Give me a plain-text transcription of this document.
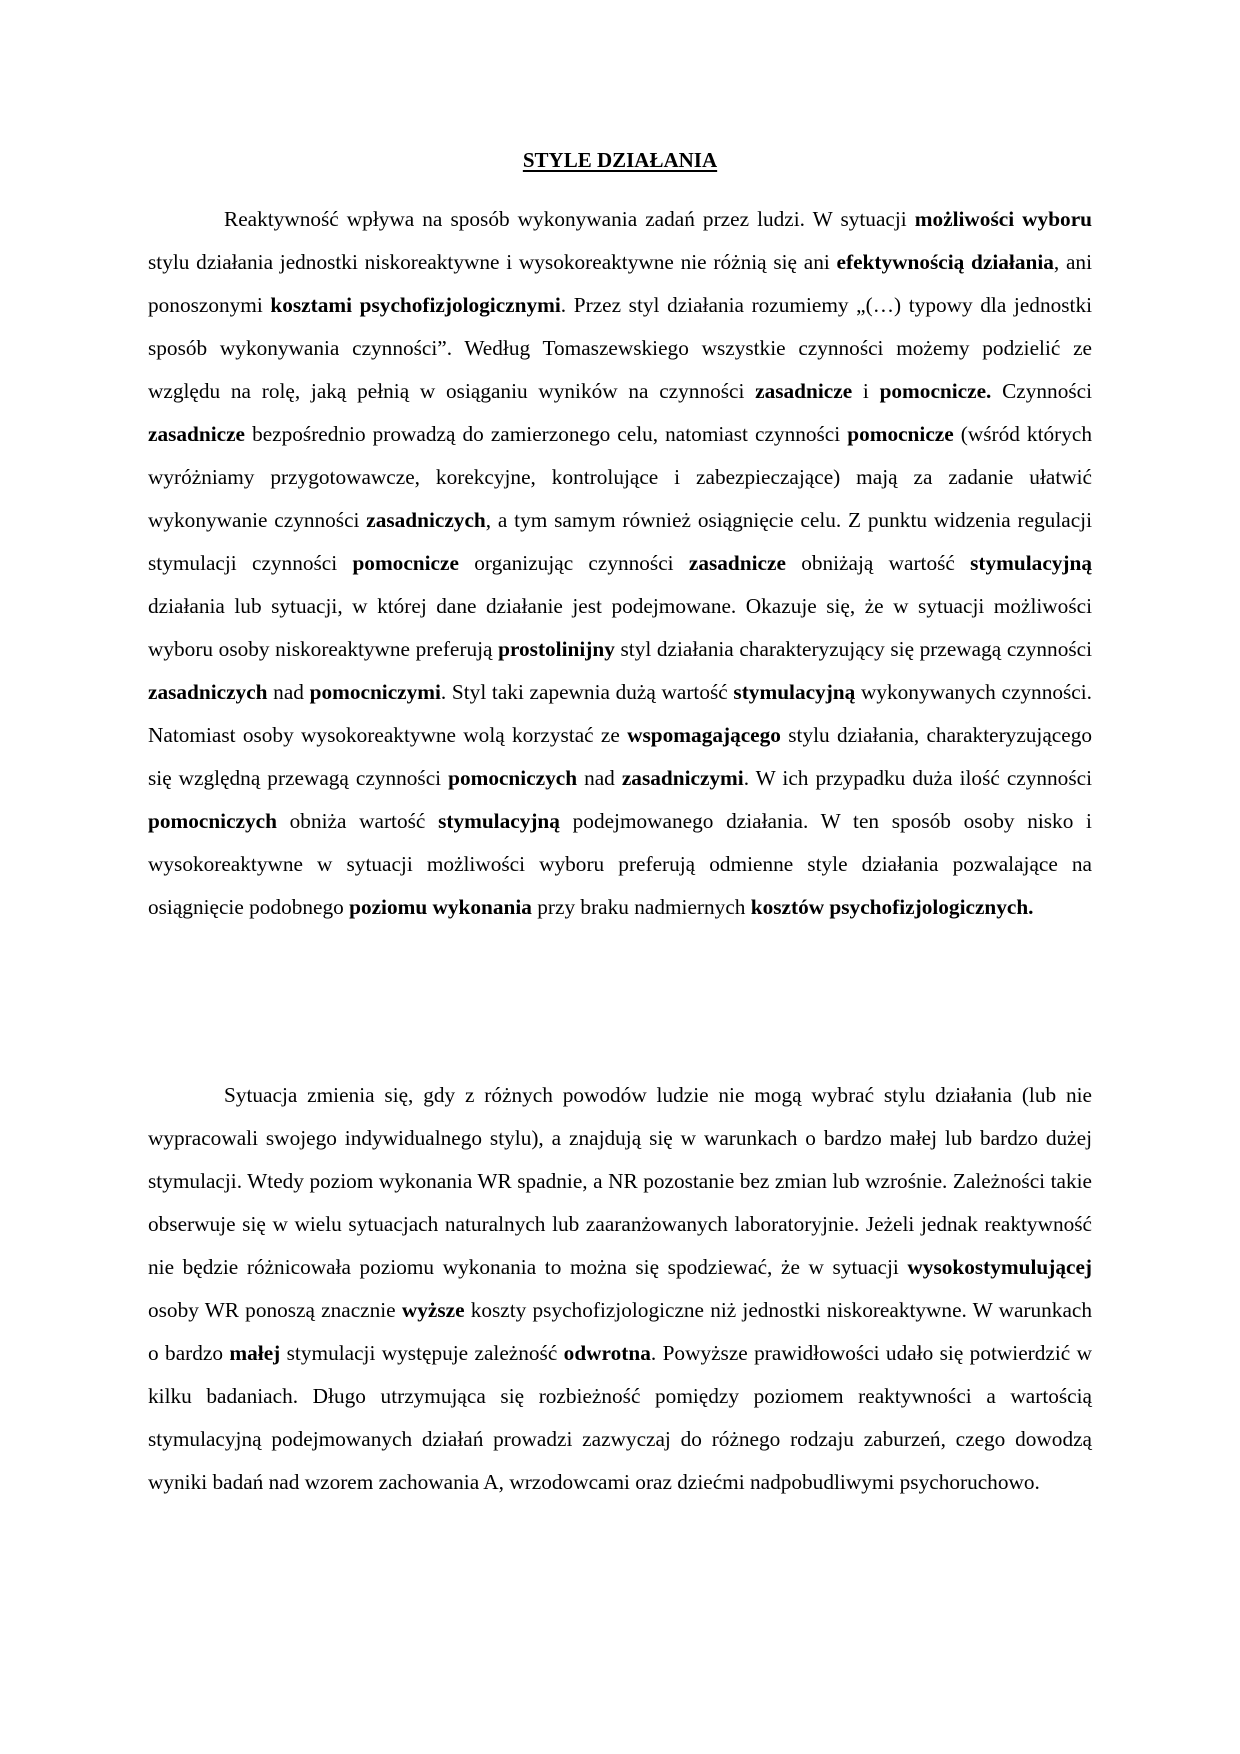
STYLE DZIAŁANIA

Reaktywność wpływa na sposób wykonywania zadań przez ludzi. W sytuacji możliwości wyboru stylu działania jednostki niskoreaktywne i wysokoreaktywne nie różnią się ani efektywnością działania, ani ponoszonymi kosztami psychofizjologicznymi. Przez styl działania rozumiemy „(…) typowy dla jednostki sposób wykonywania czynności”. Według Tomaszewskiego wszystkie czynności możemy podzielić ze względu na rolę, jaką pełnią w osiąganiu wyników na czynności zasadnicze i pomocnicze. Czynności zasadnicze bezpośrednio prowadzą do zamierzonego celu, natomiast czynności pomocnicze (wśród których wyróżniamy przygotowawcze, korekcyjne, kontrolujące i zabezpieczające) mają za zadanie ułatwić wykonywanie czynności zasadniczych, a tym samym również osiągnięcie celu. Z punktu widzenia regulacji stymulacji czynności pomocnicze organizując czynności zasadnicze obniżają wartość stymulacyjną działania lub sytuacji, w której dane działanie jest podejmowane. Okazuje się, że w sytuacji możliwości wyboru osoby niskoreaktywne preferują prostolinijny styl działania charakteryzujący się przewagą czynności zasadniczych nad pomocniczymi. Styl taki zapewnia dużą wartość stymulacyjną wykonywanych czynności. Natomiast osoby wysokoreaktywne wolą korzystać ze wspomagającego stylu działania, charakteryzującego się względną przewagą czynności pomocniczych nad zasadniczymi. W ich przypadku duża ilość czynności pomocniczych obniża wartość stymulacyjną podejmowanego działania. W ten sposób osoby nisko i wysokoreaktywne w sytuacji możliwości wyboru preferują odmienne style działania pozwalające na osiągnięcie podobnego poziomu wykonania przy braku nadmiernych kosztów psychofizjologicznych.

Sytuacja zmienia się, gdy z różnych powodów ludzie nie mogą wybrać stylu działania (lub nie wypracowali swojego indywidualnego stylu), a znajdują się w warunkach o bardzo małej lub bardzo dużej stymulacji. Wtedy poziom wykonania WR spadnie, a NR pozostanie bez zmian lub wzrośnie. Zależności takie obserwuje się w wielu sytuacjach naturalnych lub zaaranżowanych laboratoryjnie. Jeżeli jednak reaktywność nie będzie różnicowała poziomu wykonania to można się spodziewać, że w sytuacji wysokostymulującej osoby WR ponoszą znacznie wyższe koszty psychofizjologiczne niż jednostki niskoreaktywne. W warunkach o bardzo małej stymulacji występuje zależność odwrotna. Powyższe prawidłowości udało się potwierdzić w kilku badaniach. Długo utrzymująca się rozbieżność pomiędzy poziomem reaktywności a wartością stymulacyjną podejmowanych działań prowadzi zazwyczaj do różnego rodzaju zaburzeń, czego dowodzą wyniki badań nad wzorem zachowania A, wrzodowcami oraz dziećmi nadpobudliwymi psychoruchowo.
